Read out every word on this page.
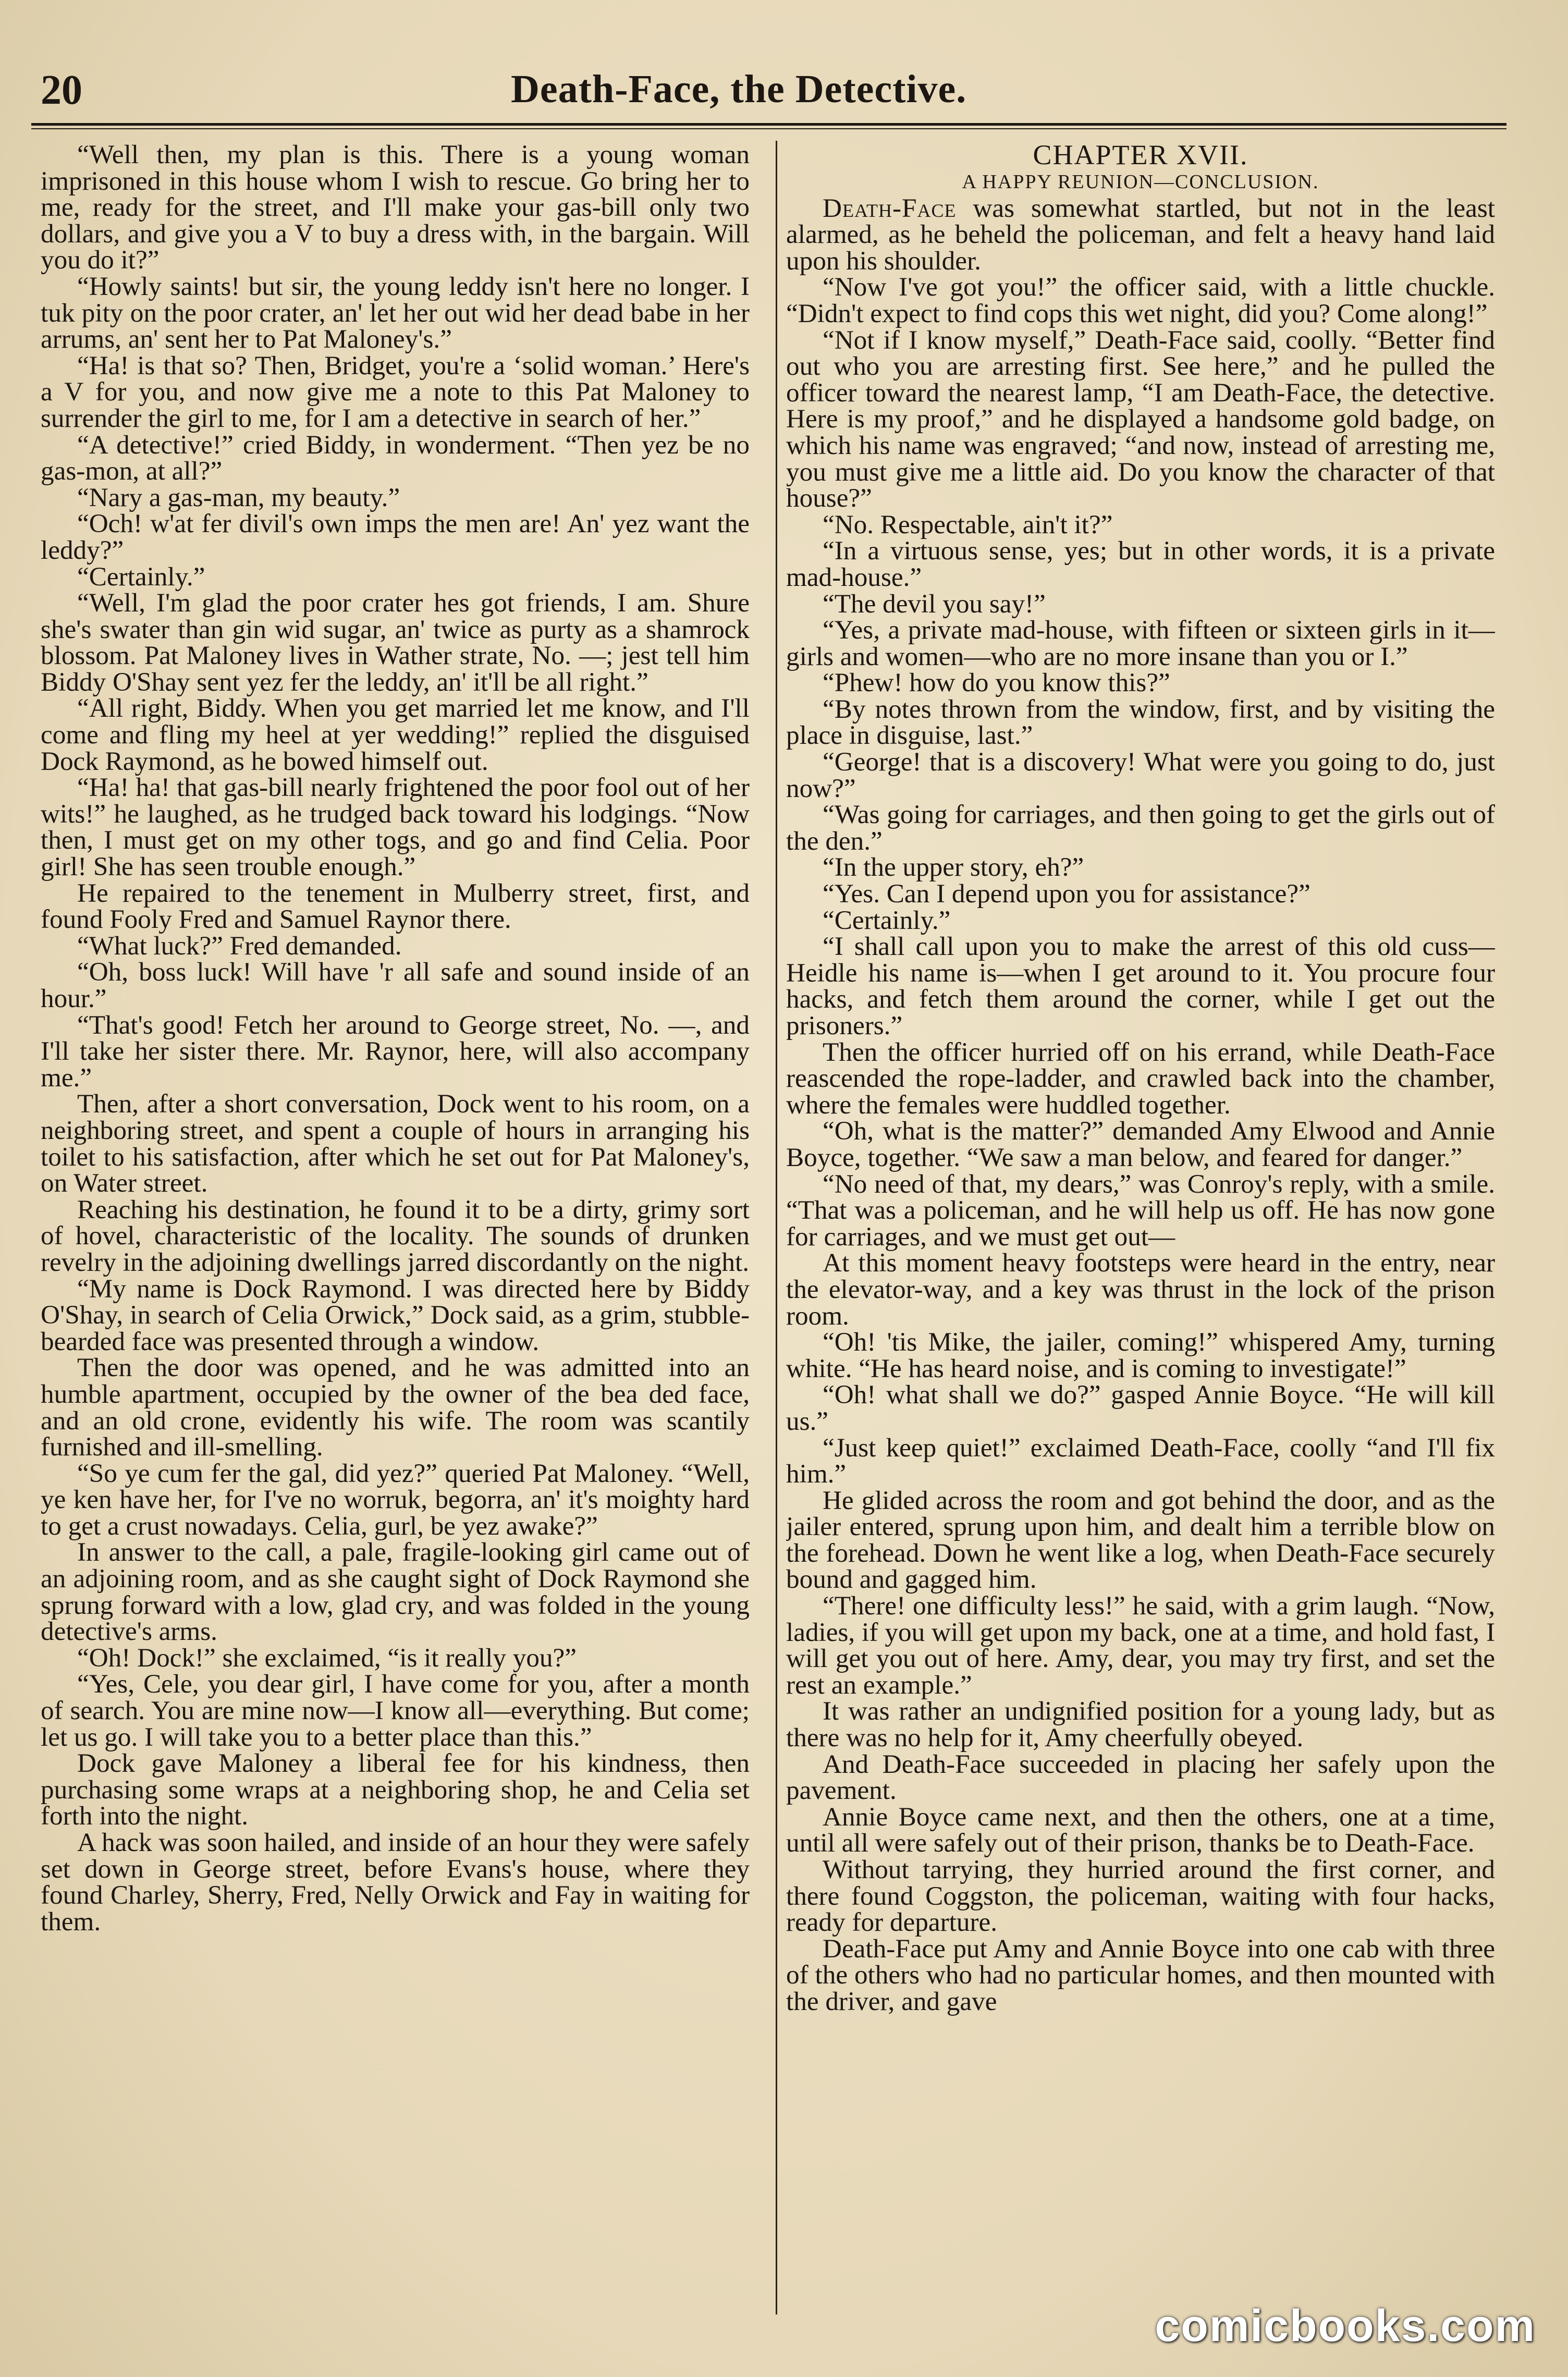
20	Death-Face, the Detective.

“Well then, my plan is this. There is a young woman imprisoned in this house whom I wish to rescue. Go bring her to me, ready for the street, and I'll make your gas-bill only two dollars, and give you a V to buy a dress with, in the bargain. Will you do it?”

“Howly saints! but sir, the young leddy isn't here no longer. I tuk pity on the poor crater, an' let her out wid her dead babe in her arrums, an' sent her to Pat Maloney's.”

“Ha! is that so? Then, Bridget, you're a ‘solid woman.’ Here's a V for you, and now give me a note to this Pat Maloney to surrender the girl to me, for I am a detective in search of her.”

“A detective!” cried Biddy, in wonderment. “Then yez be no gas-mon, at all?”

“Nary a gas-man, my beauty.”

“Och! w'at fer divil's own imps the men are! An' yez want the leddy?”

“Certainly.”

“Well, I'm glad the poor crater hes got friends, I am. Shure she's swater than gin wid sugar, an' twice as purty as a shamrock blossom. Pat Maloney lives in Wather strate, No. —; jest tell him Biddy O'Shay sent yez fer the leddy, an' it'll be all right.”

“All right, Biddy. When you get married let me know, and I'll come and fling my heel at yer wedding!” replied the disguised Dock Raymond, as he bowed himself out.

“Ha! ha! that gas-bill nearly frightened the poor fool out of her wits!” he laughed, as he trudged back toward his lodgings. “Now then, I must get on my other togs, and go and find Celia. Poor girl! She has seen trouble enough.”

He repaired to the tenement in Mulberry street, first, and found Fooly Fred and Samuel Raynor there.

“What luck?” Fred demanded.

“Oh, boss luck! Will have 'r all safe and sound inside of an hour.”

“That's good! Fetch her around to George street, No. —, and I'll take her sister there. Mr. Raynor, here, will also accompany me.”

Then, after a short conversation, Dock went to his room, on a neighboring street, and spent a couple of hours in arranging his toilet to his satisfaction, after which he set out for Pat Maloney's, on Water street.

Reaching his destination, he found it to be a dirty, grimy sort of hovel, characteristic of the locality. The sounds of drunken revelry in the adjoining dwellings jarred discordantly on the night.

“My name is Dock Raymond. I was directed here by Biddy O'Shay, in search of Celia Orwick,” Dock said, as a grim, stubble-bearded face was presented through a window.

Then the door was opened, and he was admitted into an humble apartment, occupied by the owner of the bea ded face, and an old crone, evidently his wife. The room was scantily furnished and ill-smelling.

“So ye cum fer the gal, did yez?” queried Pat Maloney. “Well, ye ken have her, for I've no worruk, begorra, an' it's moighty hard to get a crust nowadays. Celia, gurl, be yez awake?”

In answer to the call, a pale, fragile-looking girl came out of an adjoining room, and as she caught sight of Dock Raymond she sprung forward with a low, glad cry, and was folded in the young detective's arms.

“Oh! Dock!” she exclaimed, “is it really you?”

“Yes, Cele, you dear girl, I have come for you, after a month of search. You are mine now—I know all—everything. But come; let us go. I will take you to a better place than this.”

Dock gave Maloney a liberal fee for his kindness, then purchasing some wraps at a neighboring shop, he and Celia set forth into the night.

A hack was soon hailed, and inside of an hour they were safely set down in George street, before Evans's house, where they found Charley, Sherry, Fred, Nelly Orwick and Fay in waiting for them.

CHAPTER XVII.

A HAPPY REUNION—CONCLUSION.

Death-Face was somewhat startled, but not in the least alarmed, as he beheld the policeman, and felt a heavy hand laid upon his shoulder.

“Now I've got you!” the officer said, with a little chuckle. “Didn't expect to find cops this wet night, did you? Come along!”

“Not if I know myself,” Death-Face said, coolly. “Better find out who you are arresting first. See here,” and he pulled the officer toward the nearest lamp, “I am Death-Face, the detective. Here is my proof,” and he displayed a handsome gold badge, on which his name was engraved; “and now, instead of arresting me, you must give me a little aid. Do you know the character of that house?”

“No. Respectable, ain't it?”

“In a virtuous sense, yes; but in other words, it is a private mad-house.”

“The devil you say!”

“Yes, a private mad-house, with fifteen or sixteen girls in it—girls and women—who are no more insane than you or I.”

“Phew! how do you know this?”

“By notes thrown from the window, first, and by visiting the place in disguise, last.”

“George! that is a discovery! What were you going to do, just now?”

“Was going for carriages, and then going to get the girls out of the den.”

“In the upper story, eh?”

“Yes. Can I depend upon you for assistance?”

“Certainly.”

“I shall call upon you to make the arrest of this old cuss—Heidle his name is—when I get around to it. You procure four hacks, and fetch them around the corner, while I get out the prisoners.”

Then the officer hurried off on his errand, while Death-Face reascended the rope-ladder, and crawled back into the chamber, where the females were huddled together.

“Oh, what is the matter?” demanded Amy Elwood and Annie Boyce, together. “We saw a man below, and feared for danger.”

“No need of that, my dears,” was Conroy's reply, with a smile. “That was a policeman, and he will help us off. He has now gone for carriages, and we must get out—

At this moment heavy footsteps were heard in the entry, near the elevator-way, and a key was thrust in the lock of the prison room.

“Oh! 'tis Mike, the jailer, coming!” whispered Amy, turning white. “He has heard noise, and is coming to investigate!”

“Oh! what shall we do?” gasped Annie Boyce. “He will kill us.”

“Just keep quiet!” exclaimed Death-Face, coolly “and I'll fix him.”

He glided across the room and got behind the door, and as the jailer entered, sprung upon him, and dealt him a terrible blow on the forehead. Down he went like a log, when Death-Face securely bound and gagged him.

“There! one difficulty less!” he said, with a grim laugh. “Now, ladies, if you will get upon my back, one at a time, and hold fast, I will get you out of here. Amy, dear, you may try first, and set the rest an example.”

It was rather an undignified position for a young lady, but as there was no help for it, Amy cheerfully obeyed.

And Death-Face succeeded in placing her safely upon the pavement.

Annie Boyce came next, and then the others, one at a time, until all were safely out of their prison, thanks be to Death-Face.

Without tarrying, they hurried around the first corner, and there found Coggston, the policeman, waiting with four hacks, ready for departure.

Death-Face put Amy and Annie Boyce into one cab with three of the others who had no particular homes, and then mounted with the driver, and gave

comicbooks.com
